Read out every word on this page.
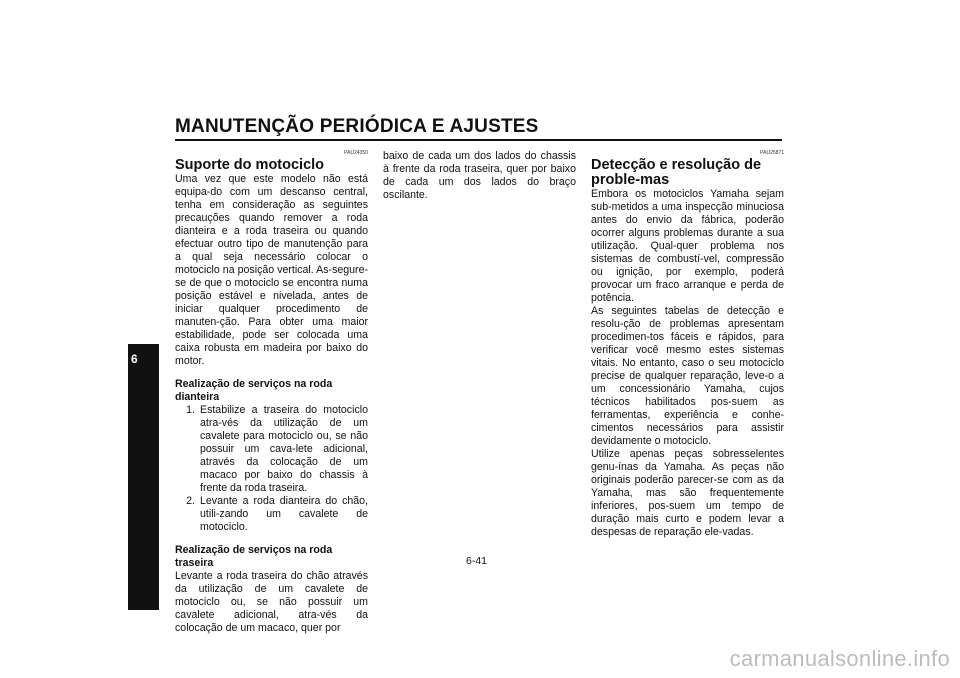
MANUTENÇÃO PERIÓDICA E AJUSTES
6
PAU24350
Suporte do motociclo

Uma vez que este modelo não está equipa-do com um descanso central, tenha em consideração as seguintes precauções quando remover a roda dianteira e a roda traseira ou quando efectuar outro tipo de manutenção para a qual seja necessário colocar o motociclo na posição vertical. As-segure-se de que o motociclo se encontra numa posição estável e nivelada, antes de iniciar qualquer procedimento de manuten-ção. Para obter uma maior estabilidade, pode ser colocada uma caixa robusta em madeira por baixo do motor.

Realização de serviços na roda dianteira
1. Estabilize a traseira do motociclo atra-vés da utilização de um cavalete para motociclo ou, se não possuir um cava-lete adicional, através da colocação de um macaco por baixo do chassis à frente da roda traseira.
2. Levante a roda dianteira do chão, utili-zando um cavalete de motociclo.
Realização de serviços na roda traseira

Levante a roda traseira do chão através da utilização de um cavalete de motociclo ou, se não possuir um cavalete adicional, atra-vés da colocação de um macaco, quer por

baixo de cada um dos lados do chassis à frente da roda traseira, quer por baixo de cada um dos lados do braço oscilante.

PAU25871
Detecção e resolução de proble-mas

Embora os motociclos Yamaha sejam sub-metidos a uma inspecção minuciosa antes do envio da fábrica, poderão ocorrer alguns problemas durante a sua utilização. Qual-quer problema nos sistemas de combustí-vel, compressão ou ignição, por exemplo, poderá provocar um fraco arranque e perda de potência.

As seguintes tabelas de detecção e resolu-ção de problemas apresentam procedimen-tos fáceis e rápidos, para verificar você mesmo estes sistemas vitais. No entanto, caso o seu motociclo precise de qualquer reparação, leve-o a um concessionário Yamaha, cujos técnicos habilitados pos-suem as ferramentas, experiência e conhe-cimentos necessários para assistir devidamente o motociclo.

Utilize apenas peças sobresselentes genu-ínas da Yamaha. As peças não originais poderão parecer-se com as da Yamaha, mas são frequentemente inferiores, pos-suem um tempo de duração mais curto e podem levar a despesas de reparação ele-vadas.

6-41
carmanualsonline.info
